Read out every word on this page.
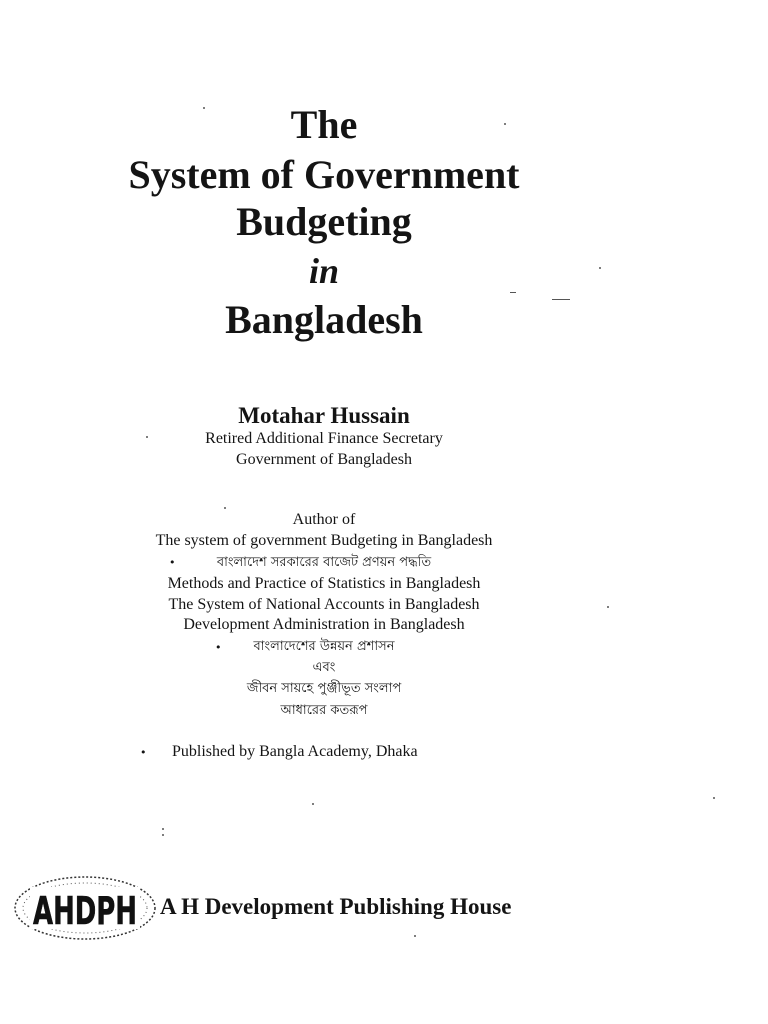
The
System of Government
Budgeting
in
Bangladesh
Motahar Hussain
Retired Additional Finance Secretary
Government of Bangladesh
Author of
The system of government Budgeting in Bangladesh
•	বাংলাদেশ সরকারের বাজেট প্রণয়ন পদ্ধতি
Methods and Practice of Statistics in Bangladesh
The System of National Accounts in Bangladesh
Development Administration in Bangladesh
•	বাংলাদেশের উন্নয়ন প্রশাসন
এবং
জীবন সায়হে পুঞ্জীভূত সংলাপ
আধারের কতরূপ
• Published by Bangla Academy, Dhaka
AHDPH A H Development Publishing House
